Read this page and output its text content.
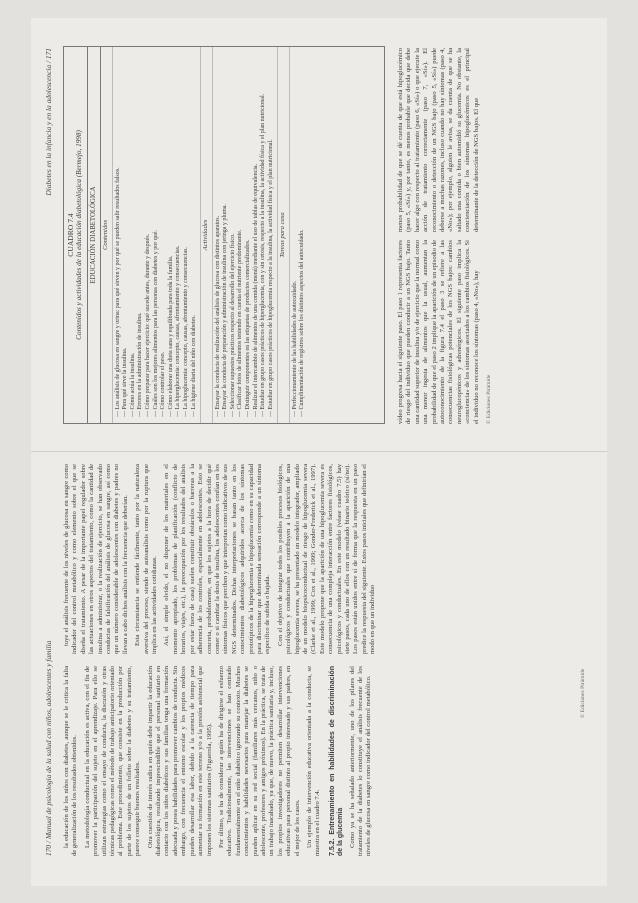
170 / Manual de psicología de la salud con niños, adolescentes y familia
Diabetes en la infancia y en la adolescencia / 171

la educación de los niños con diabetes, aunque se le critica la falta de generalización de los resultados obtenidos. La metodología conductual en la educación es activa, con el fin de promover la participación del sujeto en el aprendizaje. Para ello se utilizan estrategias como el ensayo de conducta, la discusión y otras técnicas pedagógicas como el método de trabajo anticipatorio orientado al problema. Este procedimiento, que consiste en la producción por parte de los sujetos de un folleto sobre la diabetes y su tratamiento, parece conseguir buenos resultados. Otra cuestión de interés radica en quién debe impartir la educación diabetológica, resultando imprescindible que el personal sanitario en contacto con los niños diabéticos y sus familias tenga una formación adecuada y posea habilidades para promover cambios de conducta. Sin embargo, con frecuencia el entorno escolar y los propios médicos pueden desarrollar esa labor, debido a la carencia de tiempo para aumentar su formación en este terreno y/o a la presión asistencial que imponen los sistemas sanitarios (Figuerola, 1995). Por último, se ha de considerar a quién ha de dirigirse el esfuerzo educativo. Tradicionalmente, las intervenciones se han centrado fundamentalmente en el niño diabético ignorando su contexto. Muchos conocimientos y habilidades necesarios para manejar la diabetes se pueden aplicar en su red social (familiares más cercanos, niño o adolescente, profesores y amigos próximos). En la práctica, se trata de un trabajo inacabado, ya que, de nuevo, la práctica sanitaria y, incluso, los propios investigadores no permiten desarrollar intervenciones educativas para personal distinto al propio interesado y sus padres, en el mejor de los casos. Un ejemplo de intervención educativa orientada a la conducta, se muestra en el cuadro 7.4. 7.5.2. Entrenamiento en habilidades de discriminación de la glucemia Como ya se ha señalado anteriormente, uno de los pilares del tratamiento de la diabetes lo constituye el análisis frecuente de los niveles de glucosa en sangre como indicador del control metabólico.

tuye el análisis frecuente de los niveles de glucosa en sangre como indicador del control metabólico y como elemento sobre el que se diseña el tratamiento. A pesar de la importante papel regulador sobre las actuaciones en otros aspectos del tratamiento, como la cantidad de insulina a administrar, o la realización de ejercicio, se han observado conductas de falsificación del análisis de glucosa en sangre, así como que un número considerable de adolescentes con diabetes y padres no llevan a cabo dichos análisis con la frecuencia que deberían. Esta circunstancia se entiende fácilmente, tanto por la naturaleza aversiva del proceso, siendo de autoanálisis como por la ruptura que implica en las actividades cotidianas. Así, el simple olvido, el no disponer de los materiales en el momento apropiado, los problemas de planificación (conflicto de horarios, viajes, etc.), la preocupación por los resultados del análisis por estar fuera de casa) suelen constituir obstáculos o barreras a la adherencia de los controles, especialmente en adolescentes. Esto se concreta, probablemente, en que los sujetos a la hora de decidir qué comer o si cambiar la dosis de insulina, los adolescentes confían en los síntomas físicos que perciben y que interpretan como indicativos de sus NGS determinados. Dichas interpretaciones se basan tanto en los conocimientos diabetológicos adquiridos acerca de los síntomas prototípicos de la hiperglucemia e hipoglucemia como en su capacidad para discriminar que determinada sensación corresponde a un síntoma específico de subida o bajada. Con el objetivo de integrar todos los posibles procesos biológicos, psicológicos y conductuales que contribuyen a la aparición de una hipoglucemia severa, se ha presentado un modelo integrador, ampliado de un modelo biopsicoconductual de riesgo de hipoglucemia severa (Clarke et al., 1999; Cox et al., 1999; Gonder-Frederick et al., 1997). Este modelo propone que la aparición de una hipoglucemia severa es consecuencia de una compleja interacción entre factores fisiológicos, psicológicos y conductuales. En este modelo (véase cuadro 7.5) hay siete pasos, cada uno de ellos con un resultado binario teórico (sí/no). Los pasos están unidos entre sí de forma que la respuesta en un paso predice la respuesta del siguiente. Estos pasos iniciales que definirían el modo en que un individuo

© Ediciones Pirámide
CUADRO 7.4 Contenidos y actividades de la educación diabetológica (Bermejo, 1998) EDUCACIÓN DIABETOLÓGICA Contenidos — Los análisis de glucosa en sangre y orina: para qué sirven y por qué se pueden salir resultados falsos. — Para qué sirve la insulina. — Cómo actúa la insulina. — Errores en la administración de insulina. — Cómo preparar para hacer ejercicio: qué sucede antes, durante y después. — Cuáles son los mejores alimentos para las personas con diabetes y por qué. — Cómo controlar el peso. — Cómo elaborar una dieta sana y equilibrada para toda la familia. — La hiperglucemia: concepto, causas, afrontamiento y consecuencias. — La hipoglucemia: concepto, causas, afrontamiento y consecuencias. — La higiene diaria del niño con diabetes.
Actividades — Ensayar la conducta de realización del análisis de glucosa con distintos aparatos. — Ensayar la conducta de preparación y administración de insulina con jeringa y pluma. — Seleccionar supuestos prácticos respecto al desarrollo del ejercicio físico. — Clasificar fotos de alimentos teniendo en cuenta el nutriente predominante. — Distinguir componentes en las etiquetas de productos comercializados. — Realizar el intercambio de alimentos de una comida (menú) mediante el uso de tablas de equivalencia. — Estudiar en grupo casos prácticos de hiperglucemia, con y sin cetosis, respecto a la insulina, la actividad física y el plan nutricional. — Estudiar en grupo casos prácticos de hipoglucemia respecto a la insulina, la actividad física y el plan nutricional. Tareas para casa
— Perfeccionamiento de las habilidades de autocuidado. — Cumplimentación de registros sobre los distintos aspectos del autocuidado.	vídeo progresa hacia el siguiente paso. El paso 1 representa factores de riesgo del individuo que pueden conducir a un NGS bajo. Tanto una cantidad superior de insulina y/o de ejercicio que la normal como una menor ingesta de alimentos que la usual, aumentan la probabilidad de que el paso 2 implique la aparición de un episodio de autoconocimiento de la figura 7.4 el paso 3 se refiere a las consecuencias fisiológicas potenciales de los NGS bajos: cambios neuroglucopénicos y adrenérgicos. El siguiente paso implica la «conciencia» de los síntomas asociados a los cambios fisiológicos. Si el individuo no reconoce los síntomas (paso 4, «No»), hay © Ediciones Pirámide

menos probabilidad de que se dé cuenta de que está hipoglucémico (paso 5, «Sí») y, por tanto, es menos probable que decida que debe hacer algo con respecto al tratamiento (paso 6, «Sí») o que ejecute la acción de tratamiento correctamente (paso 7, «Sí»). El reconocimiento o detección de un NGS bajo (paso 5, «Sí») puede deberse a muchas razones, incluso cuando no hay síntomas (paso 4, «No»); por ejemplo, alguien le avisa, se da cuenta de que se ha saltado una comida o bien automidió su glucemia. No obstante, la concienciación de los síntomas hipoglucémicos es el principal determinante de la detección de NGS bajos. El que
